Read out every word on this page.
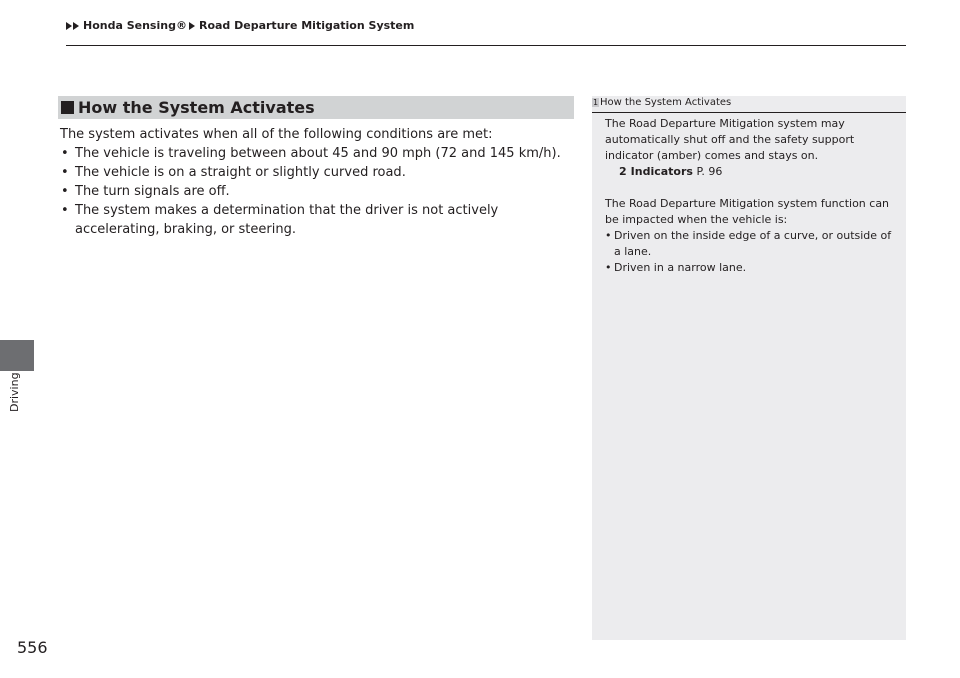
Honda Sensing® Road Departure Mitigation System
Driving
How the System Activates

The system activates when all of the following conditions are met:

• The vehicle is traveling between about 45 and 90 mph (72 and 145 km/h).
• The vehicle is on a straight or slightly curved road.
• The turn signals are off.
• The system makes a determination that the driver is not actively accelerating, braking, or steering.
1 How the System Activates

The Road Departure Mitigation system may automatically shut off and the safety support indicator (amber) comes and stays on.

2 Indicators P. 96

The Road Departure Mitigation system function can be impacted when the vehicle is:

• Driven on the inside edge of a curve, or outside of a lane.
• Driven in a narrow lane.
556
